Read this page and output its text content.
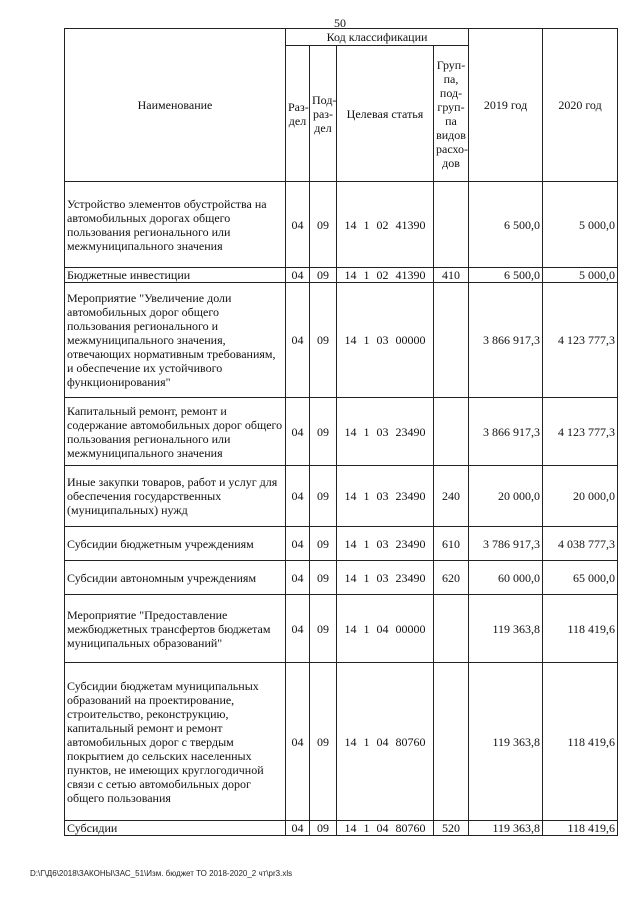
50
Наименование	Код классификации				2019 год	2020 год
	Раз-дел	Под-раз-дел	Целевая статья	Груп-па, под-груп-па видов расхо-дов		
Устройство элементов обустройства на автомобильных дорогах общего пользования регионального или межмуниципального значения	04	09	14 1 02 41390		6 500,0	5 000,0
Бюджетные инвестиции	04	09	14 1 02 41390	410	6 500,0	5 000,0
Мероприятие "Увеличение доли автомобильных дорог общего пользования регионального и межмуниципального значения, отвечающих нормативным требованиям, и обеспечение их устойчивого функционирования"	04	09	14 1 03 00000		3 866 917,3	4 123 777,3
Капитальный ремонт, ремонт и содержание автомобильных дорог общего пользования регионального или межмуниципального значения	04	09	14 1 03 23490		3 866 917,3	4 123 777,3
Иные закупки товаров, работ и услуг для обеспечения государственных (муниципальных) нужд	04	09	14 1 03 23490	240	20 000,0	20 000,0
Субсидии бюджетным учреждениям	04	09	14 1 03 23490	610	3 786 917,3	4 038 777,3
Субсидии автономным учреждениям	04	09	14 1 03 23490	620	60 000,0	65 000,0
Мероприятие "Предоставление межбюджетных трансфертов бюджетам муниципальных образований"	04	09	14 1 04 00000		119 363,8	118 419,6
Субсидии бюджетам муниципальных образований на проектирование, строительство, реконструкцию, капитальный ремонт и ремонт автомобильных дорог с твердым покрытием до сельских населенных пунктов, не имеющих круглогодичной связи с сетью автомобильных дорог общего пользования	04	09	14 1 04 80760		119 363,8	118 419,6
Субсидии	04	09	14 1 04 80760	520	119 363,8	118 419,6
D:\Г\Д6\2018\ЗАКОНЫ\ЗАС_51\Изм. бюджет ТО 2018-2020_2 чт\pr3.xls
